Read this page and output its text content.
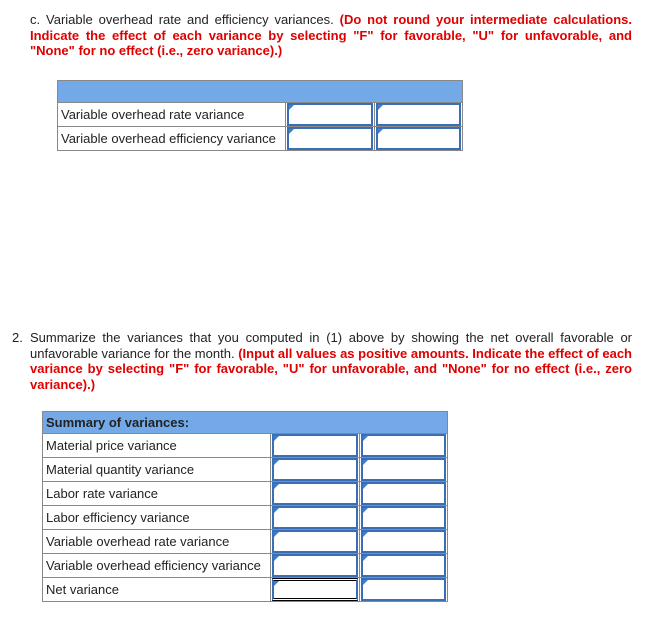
c. Variable overhead rate and efficiency variances. (Do not round your intermediate calculations. Indicate the effect of each variance by selecting "F" for favorable, "U" for unfavorable, and "None" for no effect (i.e., zero variance).)

Variable overhead rate variance	

Variable overhead efficiency variance	

2. Summarize the variances that you computed in (1) above by showing the net overall favorable or unfavorable variance for the month. (Input all values as positive amounts. Indicate the effect of each variance by selecting "F" for favorable, "U" for unfavorable, and "None" for no effect (i.e., zero variance).)
Summary of variances:		
Material price variance	

Material quantity variance	

Labor rate variance	

Labor efficiency variance	

Variable overhead rate variance	

Variable overhead efficiency variance	

Net variance	
